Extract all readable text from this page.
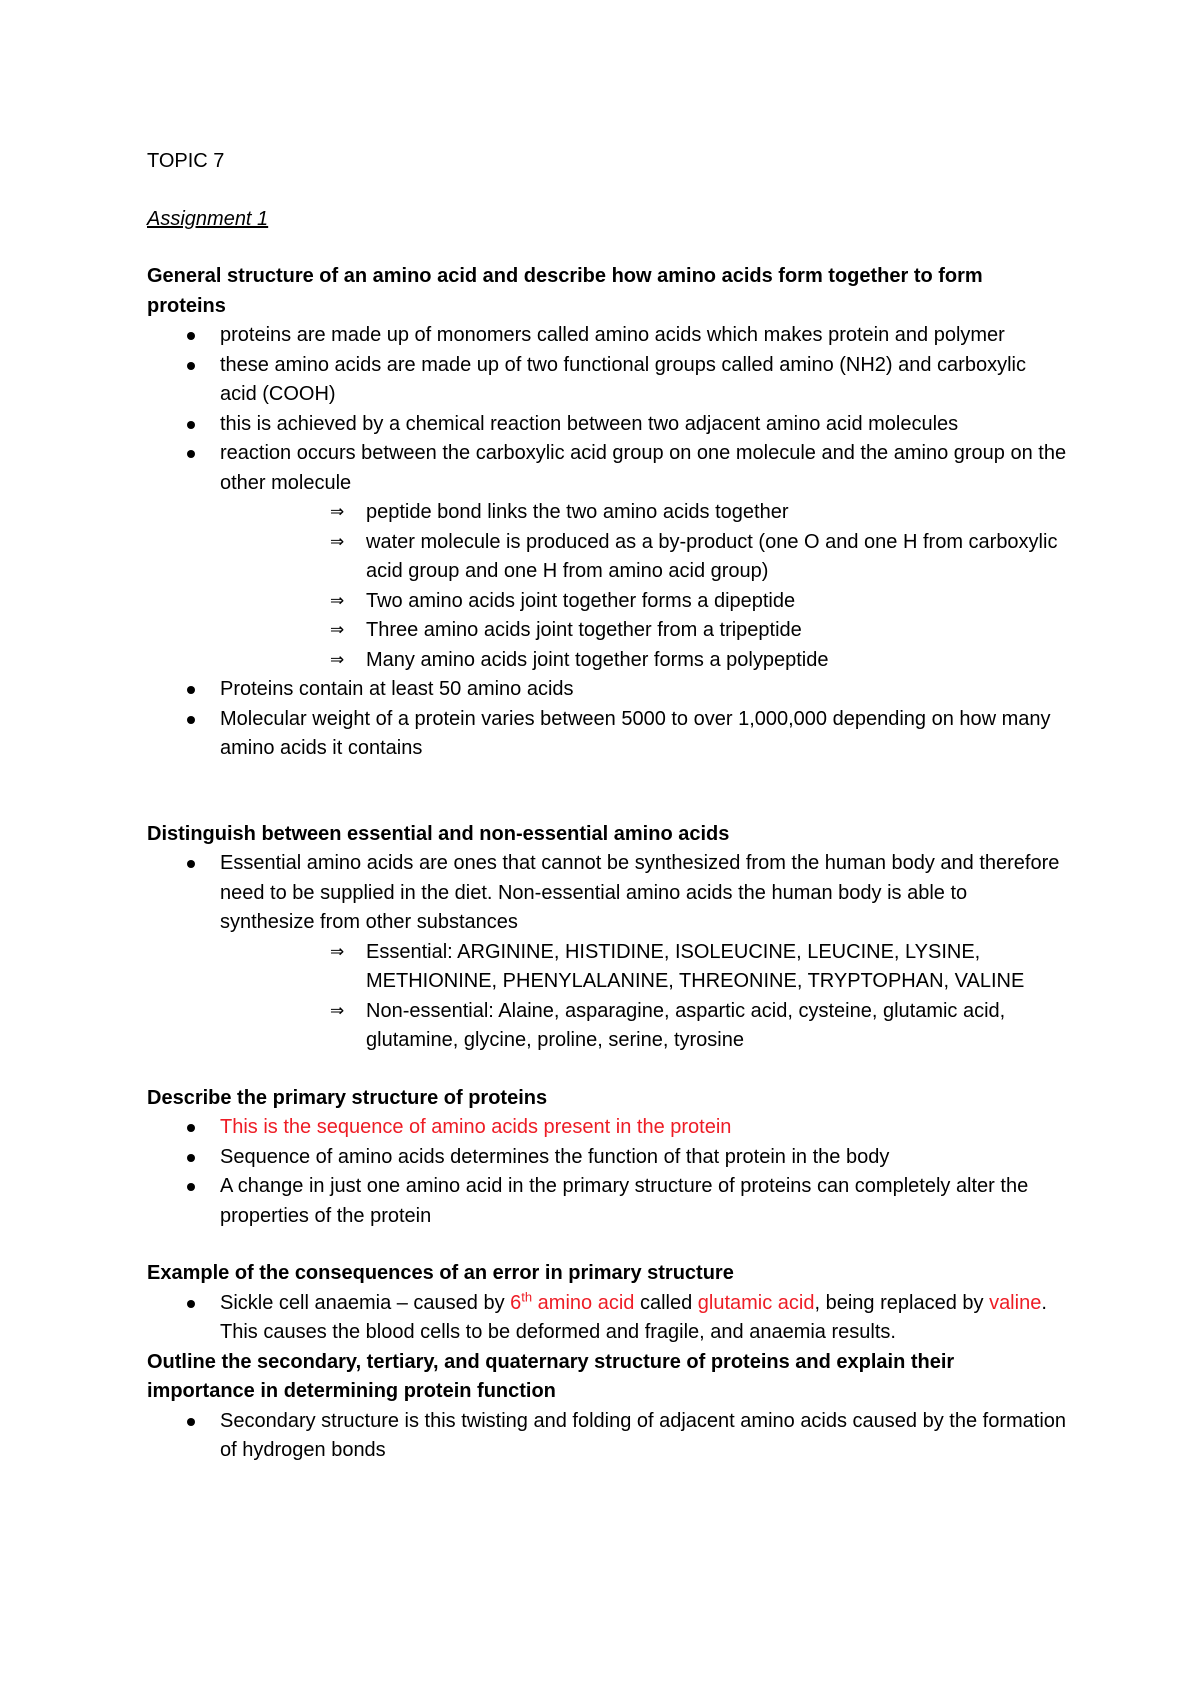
TOPIC 7

Assignment 1

General structure of an amino acid and describe how amino acids form together to form proteins

proteins are made up of monomers called amino acids which makes protein and polymer
these amino acids are made up of two functional groups called amino (NH2) and carboxylic acid (COOH)
this is achieved by a chemical reaction between two adjacent amino acid molecules
reaction occurs between the carboxylic acid group on one molecule and the amino group on the other molecule
⇒ peptide bond links the two amino acids together
⇒ water molecule is produced as a by-product (one O and one H from carboxylic acid group and one H from amino acid group)
⇒ Two amino acids joint together forms a dipeptide
⇒ Three amino acids joint together from a tripeptide
⇒ Many amino acids joint together forms a polypeptide
Proteins contain at least 50 amino acids
Molecular weight of a protein varies between 5000 to over 1,000,000 depending on how many amino acids it contains

Distinguish between essential and non-essential amino acids

Essential amino acids are ones that cannot be synthesized from the human body and therefore need to be supplied in the diet. Non-essential amino acids the human body is able to synthesize from other substances
⇒ Essential: ARGININE, HISTIDINE, ISOLEUCINE, LEUCINE, LYSINE, METHIONINE, PHENYLALANINE, THREONINE, TRYPTOPHAN, VALINE
⇒ Non-essential: Alaine, asparagine, aspartic acid, cysteine, glutamic acid, glutamine, glycine, proline, serine, tyrosine

Describe the primary structure of proteins

This is the sequence of amino acids present in the protein
Sequence of amino acids determines the function of that protein in the body
A change in just one amino acid in the primary structure of proteins can completely alter the properties of the protein

Example of the consequences of an error in primary structure

Sickle cell anaemia – caused by 6th amino acid called glutamic acid, being replaced by valine. This causes the blood cells to be deformed and fragile, and anaemia results.

Outline the secondary, tertiary, and quaternary structure of proteins and explain their importance in determining protein function

Secondary structure is this twisting and folding of adjacent amino acids caused by the formation of hydrogen bonds
